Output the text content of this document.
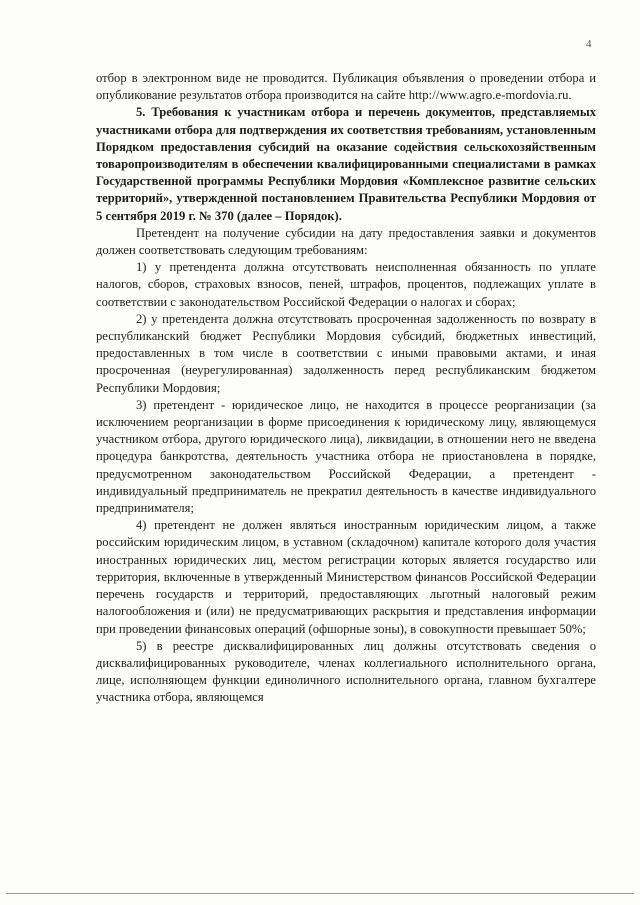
4

отбор в электронном виде не проводится. Публикация объявления о проведении отбора и опубликование результатов отбора производится на сайте http://www.agro.e-mordovia.ru.

5. Требования к участникам отбора и перечень документов, представляемых участниками отбора для подтверждения их соответствия требованиям, установленным Порядком предоставления субсидий на оказание содействия сельскохозяйственным товаропроизводителям в обеспечении квалифицированными специалистами в рамках Государственной программы Республики Мордовия «Комплексное развитие сельских территорий», утвержденной постановлением Правительства Республики Мордовия от 5 сентября 2019 г. № 370 (далее – Порядок).

Претендент на получение субсидии на дату предоставления заявки и документов должен соответствовать следующим требованиям:

1) у претендента должна отсутствовать неисполненная обязанность по уплате налогов, сборов, страховых взносов, пеней, штрафов, процентов, подлежащих уплате в соответствии с законодательством Российской Федерации о налогах и сборах;

2) у претендента должна отсутствовать просроченная задолженность по возврату в республиканский бюджет Республики Мордовия субсидий, бюджетных инвестиций, предоставленных в том числе в соответствии с иными правовыми актами, и иная просроченная (неурегулированная) задолженность перед республиканским бюджетом Республики Мордовия;

3) претендент - юридическое лицо, не находится в процессе реорганизации (за исключением реорганизации в форме присоединения к юридическому лицу, являющемуся участником отбора, другого юридического лица), ликвидации, в отношении него не введена процедура банкротства, деятельность участника отбора не приостановлена в порядке, предусмотренном законодательством Российской Федерации, а претендент - индивидуальный предприниматель не прекратил деятельность в качестве индивидуального предпринимателя;

4) претендент не должен являться иностранным юридическим лицом, а также российским юридическим лицом, в уставном (складочном) капитале которого доля участия иностранных юридических лиц, местом регистрации которых является государство или территория, включенные в утвержденный Министерством финансов Российской Федерации перечень государств и территорий, предоставляющих льготный налоговый режим налогообложения и (или) не предусматривающих раскрытия и представления информации при проведении финансовых операций (офшорные зоны), в совокупности превышает 50%;

5) в реестре дисквалифицированных лиц должны отсутствовать сведения о дисквалифицированных руководителе, членах коллегиального исполнительного органа, лице, исполняющем функции единоличного исполнительного органа, главном бухгалтере участника отбора, являющемся
